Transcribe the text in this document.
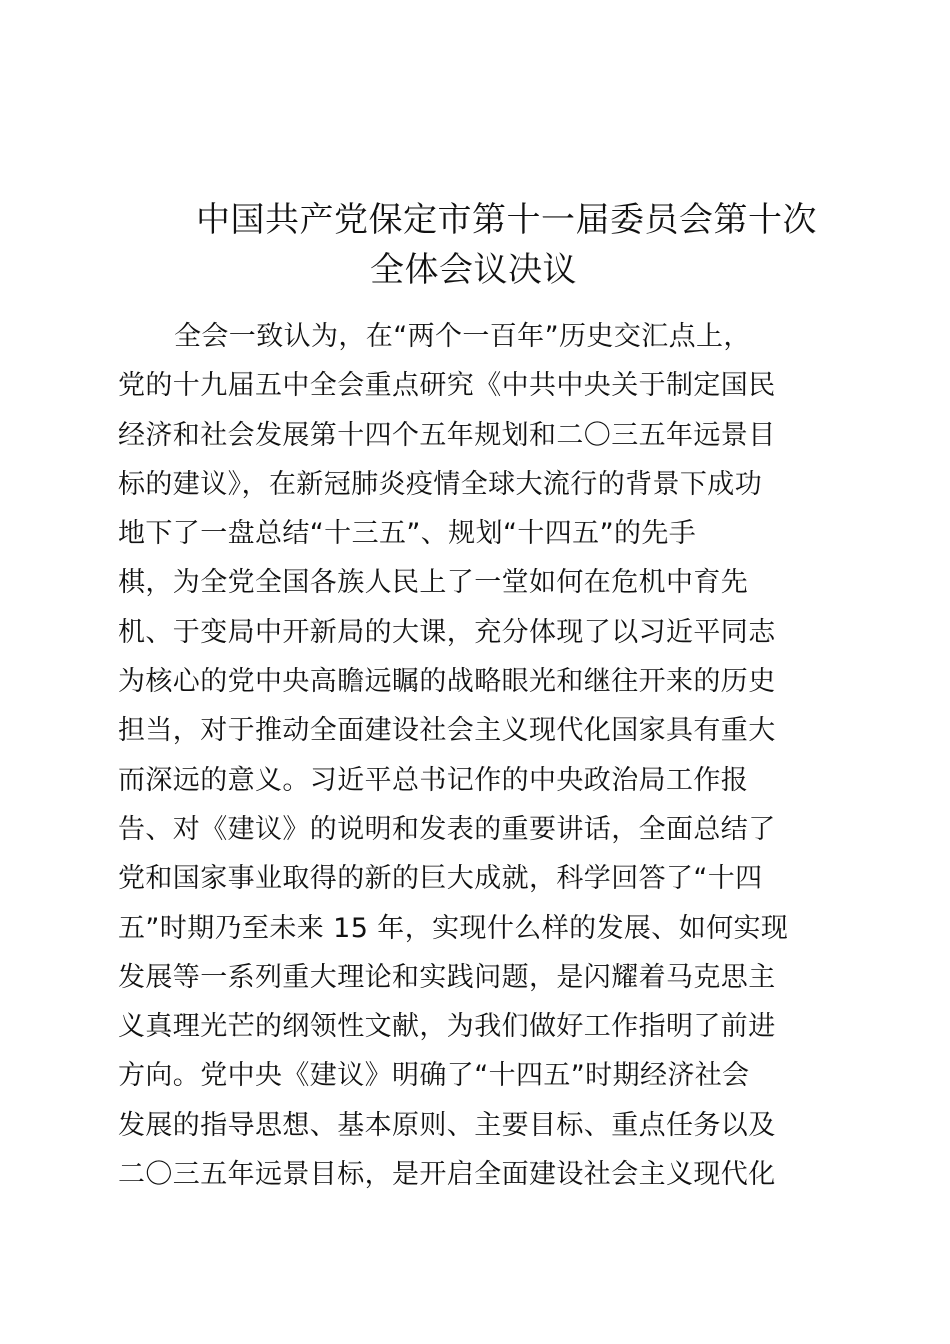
中国共产党保定市第十一届委员会第十次
全体会议决议
全会一致认为，在“两个一百年”历史交汇点上，
党的十九届五中全会重点研究《中共中央关于制定国民
经济和社会发展第十四个五年规划和二〇三五年远景目
标的建议》，在新冠肺炎疫情全球大流行的背景下成功
地下了一盘总结“十三五”、规划“十四五”的先手
棋，为全党全国各族人民上了一堂如何在危机中育先
机、于变局中开新局的大课，充分体现了以习近平同志
为核心的党中央高瞻远瞩的战略眼光和继往开来的历史
担当，对于推动全面建设社会主义现代化国家具有重大
而深远的意义。习近平总书记作的中央政治局工作报
告、对《建议》的说明和发表的重要讲话，全面总结了
党和国家事业取得的新的巨大成就，科学回答了“十四
五”时期乃至未来 15 年，实现什么样的发展、如何实现
发展等一系列重大理论和实践问题，是闪耀着马克思主
义真理光芒的纲领性文献，为我们做好工作指明了前进
方向。党中央《建议》明确了“十四五”时期经济社会
发展的指导思想、基本原则、主要目标、重点任务以及
二〇三五年远景目标，是开启全面建设社会主义现代化
